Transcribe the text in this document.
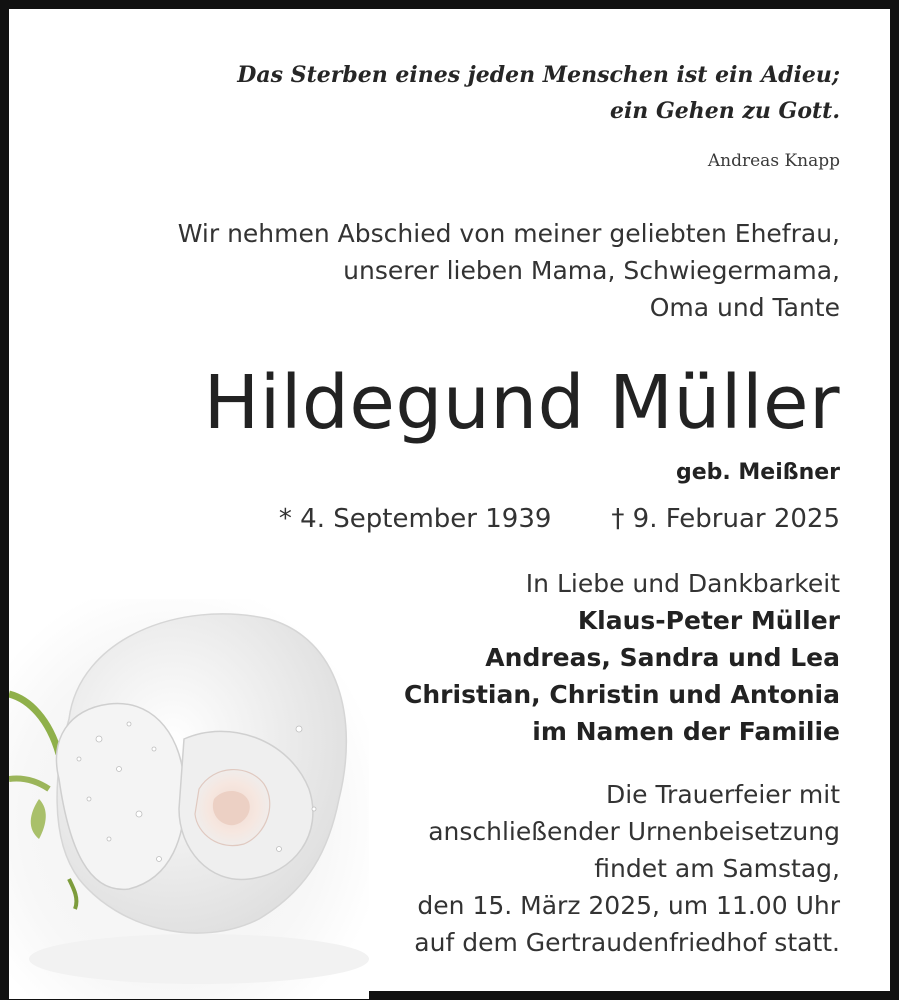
Das Sterben eines jeden Menschen ist ein Adieu;
ein Gehen zu Gott.
Andreas Knapp
Wir nehmen Abschied von meiner geliebten Ehefrau,
unserer lieben Mama, Schwiegermama,
Oma und Tante
Hildegund Müller
geb. Meißner
* 4. September 1939 † 9. Februar 2025
In Liebe und Dankbarkeit
Klaus-Peter Müller
Andreas, Sandra und Lea
Christian, Christin und Antonia
im Namen der Familie
Die Trauerfeier mit
anschließender Urnenbeisetzung
findet am Samstag,
den 15. März 2025, um 11.00 Uhr
auf dem Gertraudenfriedhof statt.
